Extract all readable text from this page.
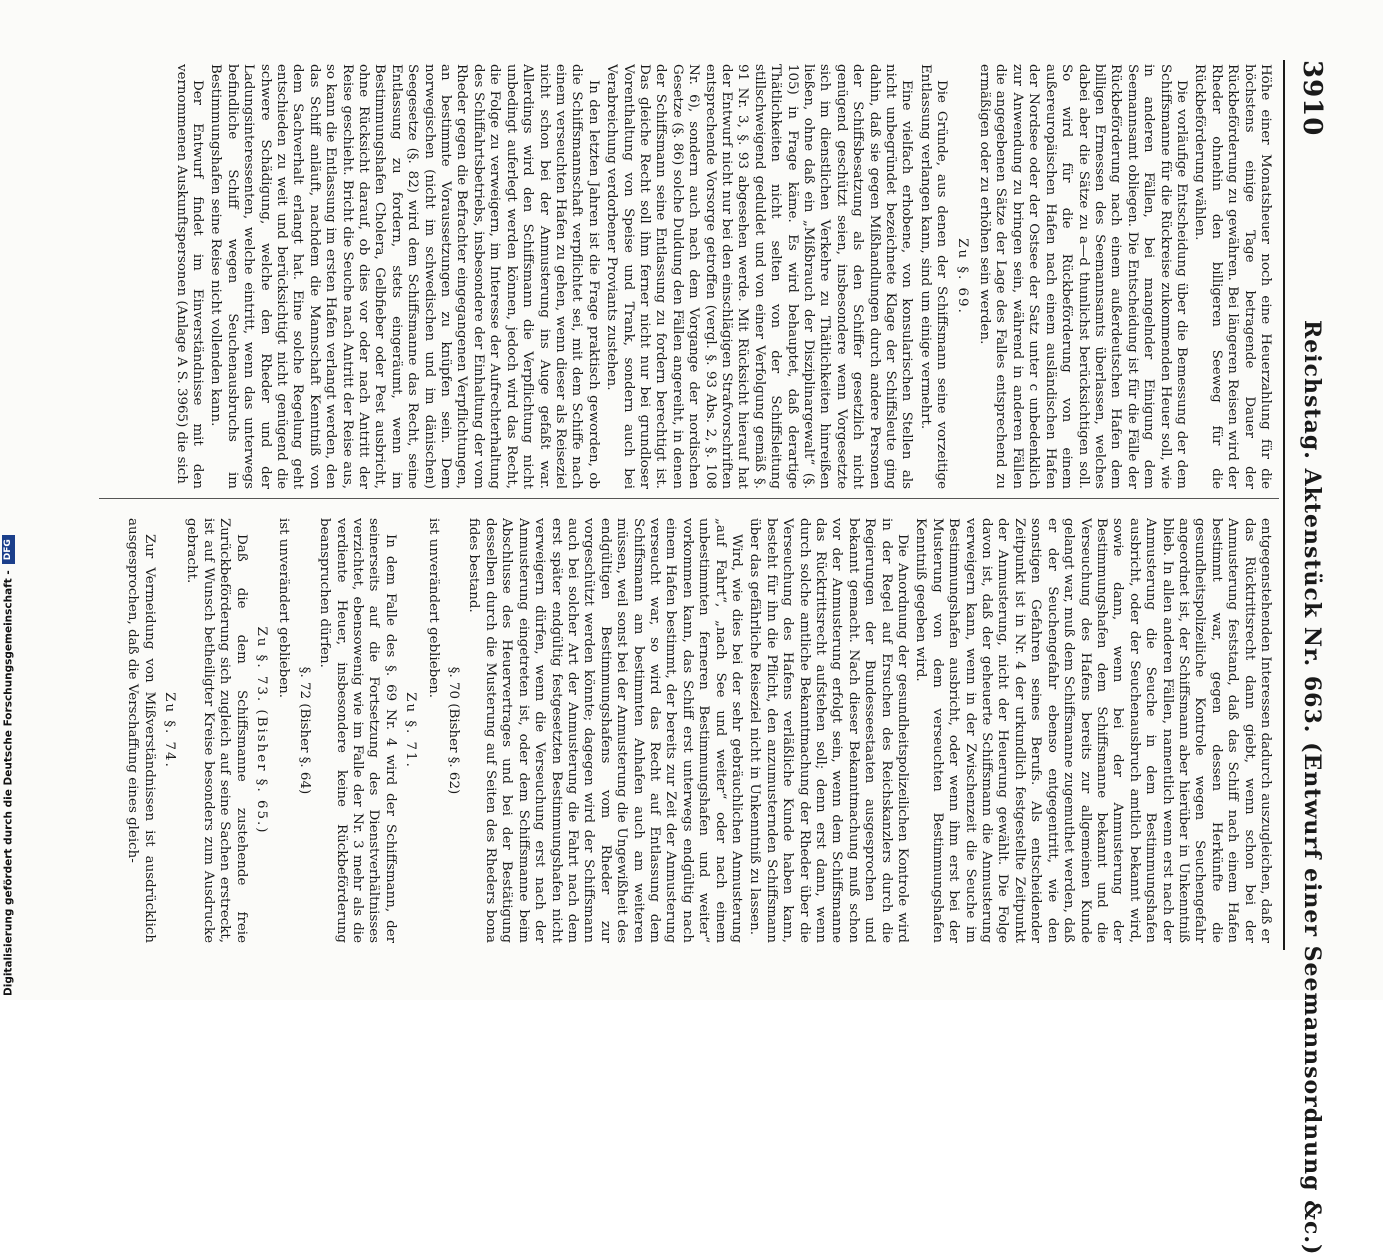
3910
Reichstag. Aktenstück Nr. 663. (Entwurf einer Seemannsordnung &c.)

Höhe einer Monatsheuer noch eine Heuerzahlung für die höchstens einige Tage betragende Dauer der Rückbeförderung zu gewähren. Bei längeren Reisen wird der Rheder ohnehin den billigeren Seeweg für die Rückbeförderung wählen.

Die vorläufige Entscheidung über die Bemessung der dem Schiffsmanne für die Rückreise zukommenden Heuer soll, wie in anderen Fällen, bei mangelnder Einigung dem Seemannsamt obliegen. Die Entscheidung ist für die Fälle der Rückbeförderung nach einem außerdeutschen Hafen dem billigen Ermessen des Seemannsamts überlassen, welches dabei aber die Sätze zu a—d thunlichst berücksichtigen soll. So wird für die Rückbeförderung von einem außereuropäischen Hafen nach einem ausländischen Hafen der Nordsee oder der Ostsee der Satz unter c unbedenklich zur Anwendung zu bringen sein, während in anderen Fällen die angegebenen Sätze der Lage des Falles entsprechend zu ermäßigen oder zu erhöhen sein werden.

Zu §. 69.

Die Gründe, aus denen der Schiffsmann seine vorzeitige Entlassung verlangen kann, sind um einige vermehrt.

Eine vielfach erhobene, von konsularischen Stellen als nicht unbegründet bezeichnete Klage der Schiffsleute ging dahin, daß sie gegen Mißhandlungen durch andere Personen der Schiffsbesatzung als den Schiffer gesetzlich nicht genügend geschützt seien, insbesondere wenn Vorgesetzte sich im dienstlichen Verkehre zu Thätlichkeiten hinreißen ließen, ohne daß ein „Mißbrauch der Disziplinargewalt“ (§. 105) in Frage käme. Es wird behauptet, daß derartige Thätlichkeiten nicht selten von der Schiffsleitung stillschweigend geduldet und von einer Verfolgung gemäß §. 91 Nr. 3, §. 93 abgesehen werde. Mit Rücksicht hierauf hat der Entwurf nicht nur bei den einschlägigen Strafvorschriften entsprechende Vorsorge getroffen (vergl. §. 93 Abs. 2, §. 108 Nr. 6), sondern auch nach dem Vorgange der nordischen Gesetze (§. 86) solche Duldung den Fällen angereiht, in denen der Schiffsmann seine Entlassung zu fordern berechtigt ist. Das gleiche Recht soll ihm ferner nicht nur bei grundloser Vorenthaltung von Speise und Trank, sondern auch bei Verabreichung verdorbener Proviants zustehen.

In den letzten Jahren ist die Frage praktisch geworden, ob die Schiffsmannschaft verpflichtet sei, mit dem Schiffe nach einem verseuchten Hafen zu gehen, wenn dieser als Reiseziel nicht schon bei der Anmusterung ins Auge gefaßt war. Allerdings wird den Schiffsmann die Verpflichtung nicht unbedingt auferlegt werden können, jedoch wird das Recht, die Folge zu verweigern, im Interesse der Aufrechterhaltung des Schiffahrtsbetriebs, insbesondere der Einhaltung der vom Rheder gegen die Befrachter eingegangenen Verpflichtungen, an bestimmte Voraussetzungen zu knüpfen sein. Dem norwegischen (nicht im schwedischen und im dänischen) Seegesetze (§. 82) wird dem Schiffsmanne das Recht, seine Entlassung zu fordern, stets eingeräumt, wenn im Bestimmungshafen Cholera, Gelbfieber oder Pest ausbricht, ohne Rücksicht darauf, ob dies vor oder nach Antritt der Reise geschieht. Bricht die Seuche nach Antritt der Reise aus, so kann die Entlassung im ersten Hafen verlangt werden, den das Schiff anläuft, nachdem die Mannschaft Kenntniß von dem Sachverhalt erlangt hat. Eine solche Regelung geht entschieden zu weit und berücksichtigt nicht genügend die schwere Schädigung, welche den Rheder und der Ladungsinteressenten, welche eintritt, wenn das unterwegs befindliche Schiff wegen Seuchenausbruchs im Bestimmungshafen seine Reise nicht vollenden kann.

Der Entwurf findet im Einverständnisse mit den vernommenen Auskunftspersonen (Anlage A S. 3965) die sich

entgegenstehenden Interessen dadurch auszugleichen, daß er das Rücktrittsrecht dann giebt, wenn schon bei der Anmusterung feststand, daß das Schiff nach einem Hafen bestimmt war, gegen dessen Herkünfte die gesundheitspolizeiliche Kontrole wegen Seuchengefahr angeordnet ist, der Schiffsmann aber hierüber in Unkenntniß blieb. In allen anderen Fällen, namentlich wenn erst nach der Anmusterung die Seuche in dem Bestimmungshafen ausbricht, oder der Seuchenausbruch amtlich bekannt wird, sowie dann, wenn bei der Anmusterung der Bestimmungshafen dem Schiffsmanne bekannt und die Verseuchung des Hafens bereits zur allgemeinen Kunde gelangt war, muß dem Schiffsmanne zugemuthet werden, daß er der Seuchengefahr ebenso entgegentritt, wie den sonstigen Gefahren seines Berufs. Als entscheidender Zeitpunkt ist in Nr. 4 der urkundlich festgestellte Zeitpunkt der Anmusterung, nicht der Heuerung gewählt. Die Folge davon ist, daß der geheuerte Schiffsmann die Anmusterung verweigern kann, wenn in der Zwischenzeit die Seuche im Bestimmungshafen ausbricht, oder wenn ihm erst bei der Musterung von dem verseuchten Bestimmungshafen Kenntniß gegeben wird.

Die Anordnung der gesundheitspolizeilichen Kontrole wird in der Regel auf Ersuchen des Reichskanzlers durch die Regierungen der Bundesseestaaten ausgesprochen und bekannt gemacht. Nach dieser Bekanntmachung muß schon vor der Anmusterung erfolgt sein, wenn dem Schiffsmanne das Rücktrittsrecht aufstehen soll; denn erst dann, wenn durch solche amtliche Bekanntmachung der Rheder über die Verseuchung des Hafens verläßliche Kunde haben kann, besteht für ihn die Pflicht, den anzumusternden Schiffsmann über das gefährliche Reiseziel nicht in Unkenntniß zu lassen.

Wird, wie dies bei der sehr gebräuchlichen Anmusterung „auf Fahrt“, „nach See und weiter“ oder nach einem unbestimmten ferneren Bestimmungshafen und weiter“ vorkommen kann, das Schiff erst unterwegs endgültig nach einem Hafen bestimmt, der bereits zur Zeit der Anmusterung verseucht war, so wird das Recht auf Entlassung dem Schiffsmann am bestimmten Anhafen auch am weiteren müssen, weil sonst bei der Anmusterung die Ungewißheit des endgültigen Bestimmungshafens vom Rheder zur vorgeschützt werden könnte; dagegen wird der Schiffsmann auch bei solcher Art der Anmusterung die Fahrt nach dem erst später endgültig festgesetzten Bestimmungshafen nicht verweigern dürfen, wenn die Verseuchung erst nach der Anmusterung eingetreten ist, oder dem Schiffsmanne beim Abschlusse des Heuervertrages und bei der Bestätigung desselben durch die Musterung auf Seiten des Rheders bona fides bestand.

§. 70 (Bisher §. 62)

ist unverändert geblieben.

Zu §. 71.

In dem Falle des §. 69 Nr. 4 wird der Schiffsmann, der seinerseits auf die Fortsetzung des Dienstverhältnisses verzichtet, ebensowenig wie im Falle der Nr. 3 mehr als die verdiente Heuer, insbesondere keine Rückbeförderung beanspruchen dürfen.

§. 72 (Bisher §. 64)

ist unverändert geblieben.

Zu §. 73. (Bisher §. 65.)

Daß die dem Schiffsmanne zustehende freie Zurückbeförderung sich zugleich auf seine Sachen erstreckt, ist auf Wunsch betheiligter Kreise besonders zum Ausdrucke gebracht.

Zu §. 74.

Zur Vermeidung von Mißverständnissen ist ausdrücklich ausgesprochen, daß die Verschaffung eines gleich-

Digitalisierung gefördert durch die Deutsche Forschungsgemeinschaft -DFG
